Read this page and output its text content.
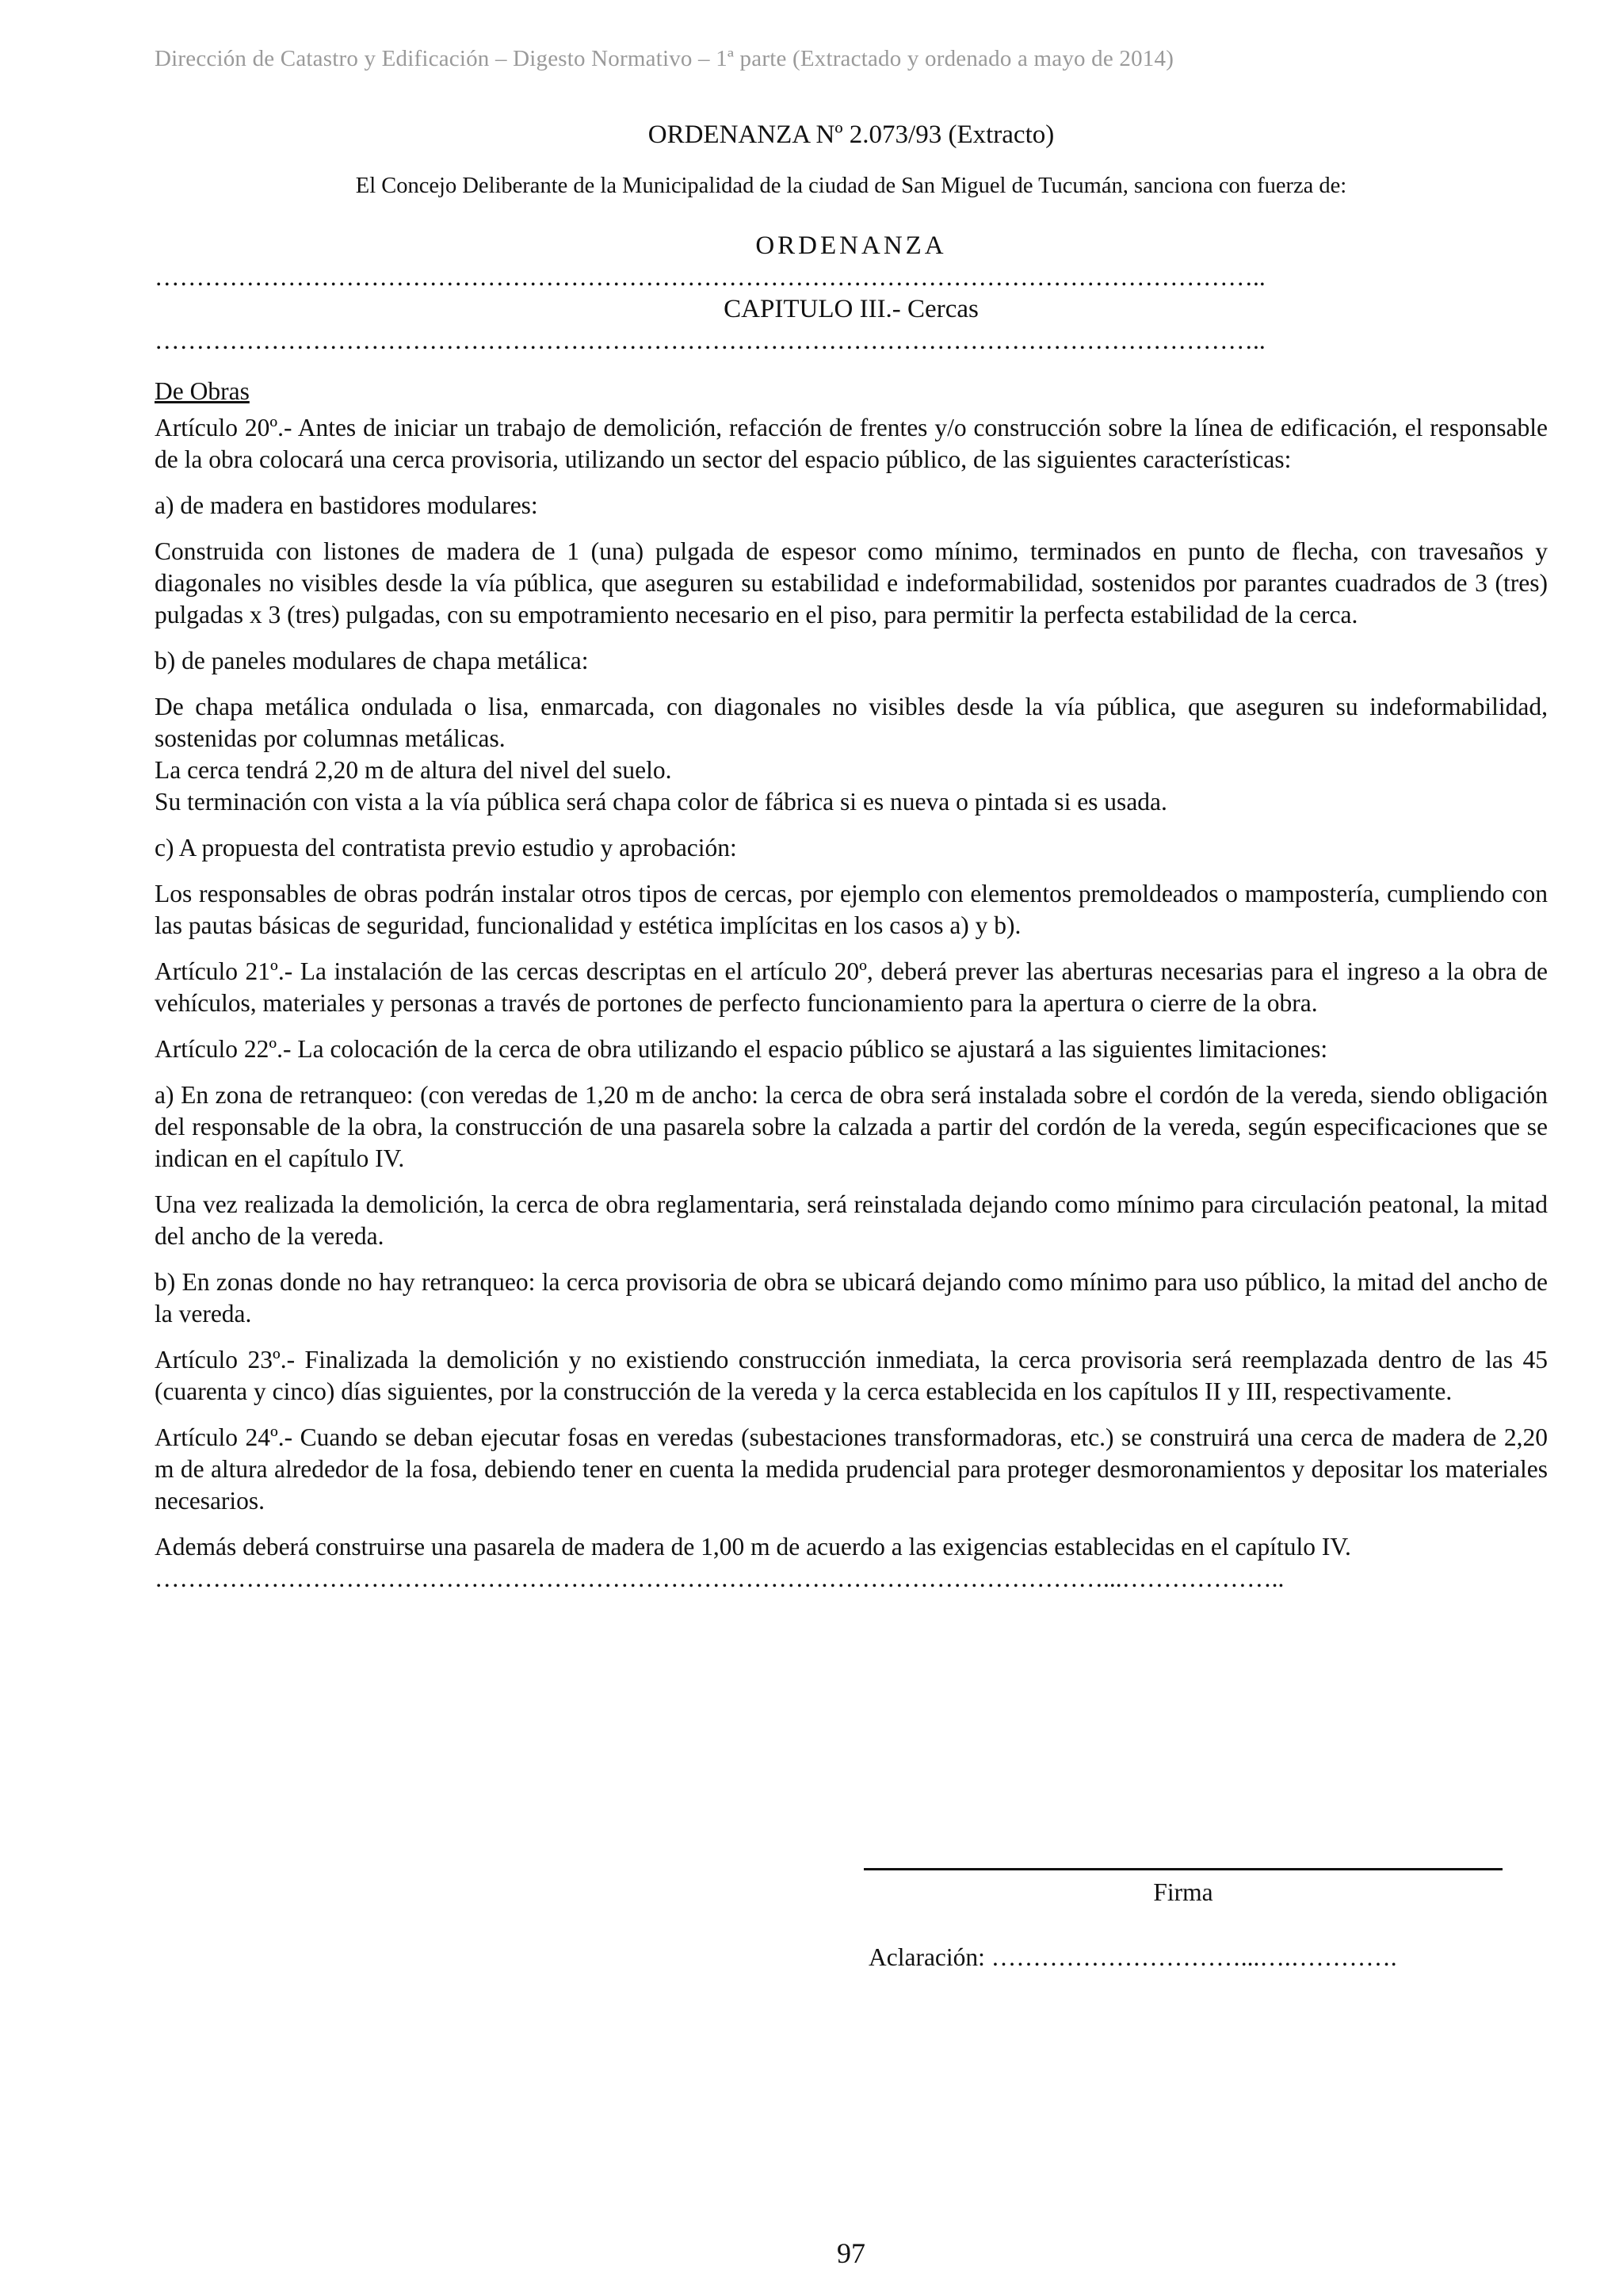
Dirección de Catastro y Edificación – Digesto Normativo – 1ª parte (Extractado y ordenado a mayo de 2014)
ORDENANZA Nº 2.073/93 (Extracto)
El Concejo Deliberante de la Municipalidad de la ciudad de San Miguel de Tucumán, sanciona con fuerza de:
ORDENANZA
……………………………………………………………………………………………………………………..
CAPITULO III.- Cercas
……………………………………………………………………………………………………………………..
De Obras

Artículo 20º.- Antes de iniciar un trabajo de demolición, refacción de frentes y/o construcción sobre la línea de edificación, el responsable de la obra colocará una cerca provisoria, utilizando un sector del espacio público, de las siguientes características:

a) de madera en bastidores modulares:

Construida con listones de madera de 1 (una) pulgada de espesor como mínimo, terminados en punto de flecha, con travesaños y diagonales no visibles desde la vía pública, que aseguren su estabilidad e indeformabilidad, sostenidos por parantes cuadrados de 3 (tres) pulgadas x 3 (tres) pulgadas, con su empotramiento necesario en el piso, para permitir la perfecta estabilidad de la cerca.

b) de paneles modulares de chapa metálica:

De chapa metálica ondulada o lisa, enmarcada, con diagonales no visibles desde la vía pública, que aseguren su indeformabilidad, sostenidas por columnas metálicas.

La cerca tendrá 2,20 m de altura del nivel del suelo.

Su terminación con vista a la vía pública será chapa color de fábrica si es nueva o pintada si es usada.

c) A propuesta del contratista previo estudio y aprobación:

Los responsables de obras podrán instalar otros tipos de cercas, por ejemplo con elementos premoldeados o mampostería, cumpliendo con las pautas básicas de seguridad, funcionalidad y estética implícitas en los casos a) y b).

Artículo 21º.- La instalación de las cercas descriptas en el artículo 20º, deberá prever las aberturas necesarias para el ingreso a la obra de vehículos, materiales y personas a través de portones de perfecto funcionamiento para la apertura o cierre de la obra.

Artículo 22º.- La colocación de la cerca de obra utilizando el espacio público se ajustará a las siguientes limitaciones:

a) En zona de retranqueo: (con veredas de 1,20 m de ancho: la cerca de obra será instalada sobre el cordón de la vereda, siendo obligación del responsable de la obra, la construcción de una pasarela sobre la calzada a partir del cordón de la vereda, según especificaciones que se indican en el capítulo IV.

Una vez realizada la demolición, la cerca de obra reglamentaria, será reinstalada dejando como mínimo para circulación peatonal, la mitad del ancho de la vereda.

b) En zonas donde no hay retranqueo: la cerca provisoria de obra se ubicará dejando como mínimo para uso público, la mitad del ancho de la vereda.

Artículo 23º.- Finalizada la demolición y no existiendo construcción inmediata, la cerca provisoria será reemplazada dentro de las 45 (cuarenta y cinco) días siguientes, por la construcción de la vereda y la cerca establecida en los capítulos II y III, respectivamente.

Artículo 24º.- Cuando se deban ejecutar fosas en veredas (subestaciones transformadoras, etc.) se construirá una cerca de madera de 2,20 m de altura alrededor de la fosa, debiendo tener en cuenta la medida prudencial para proteger desmoronamientos y depositar los materiales necesarios.

Además deberá construirse una pasarela de madera de 1,00 m de acuerdo a las exigencias establecidas en el capítulo IV.

……………………………………………………………………………………………………...………………..
Firma
Aclaración: …………………………...….………….
97
